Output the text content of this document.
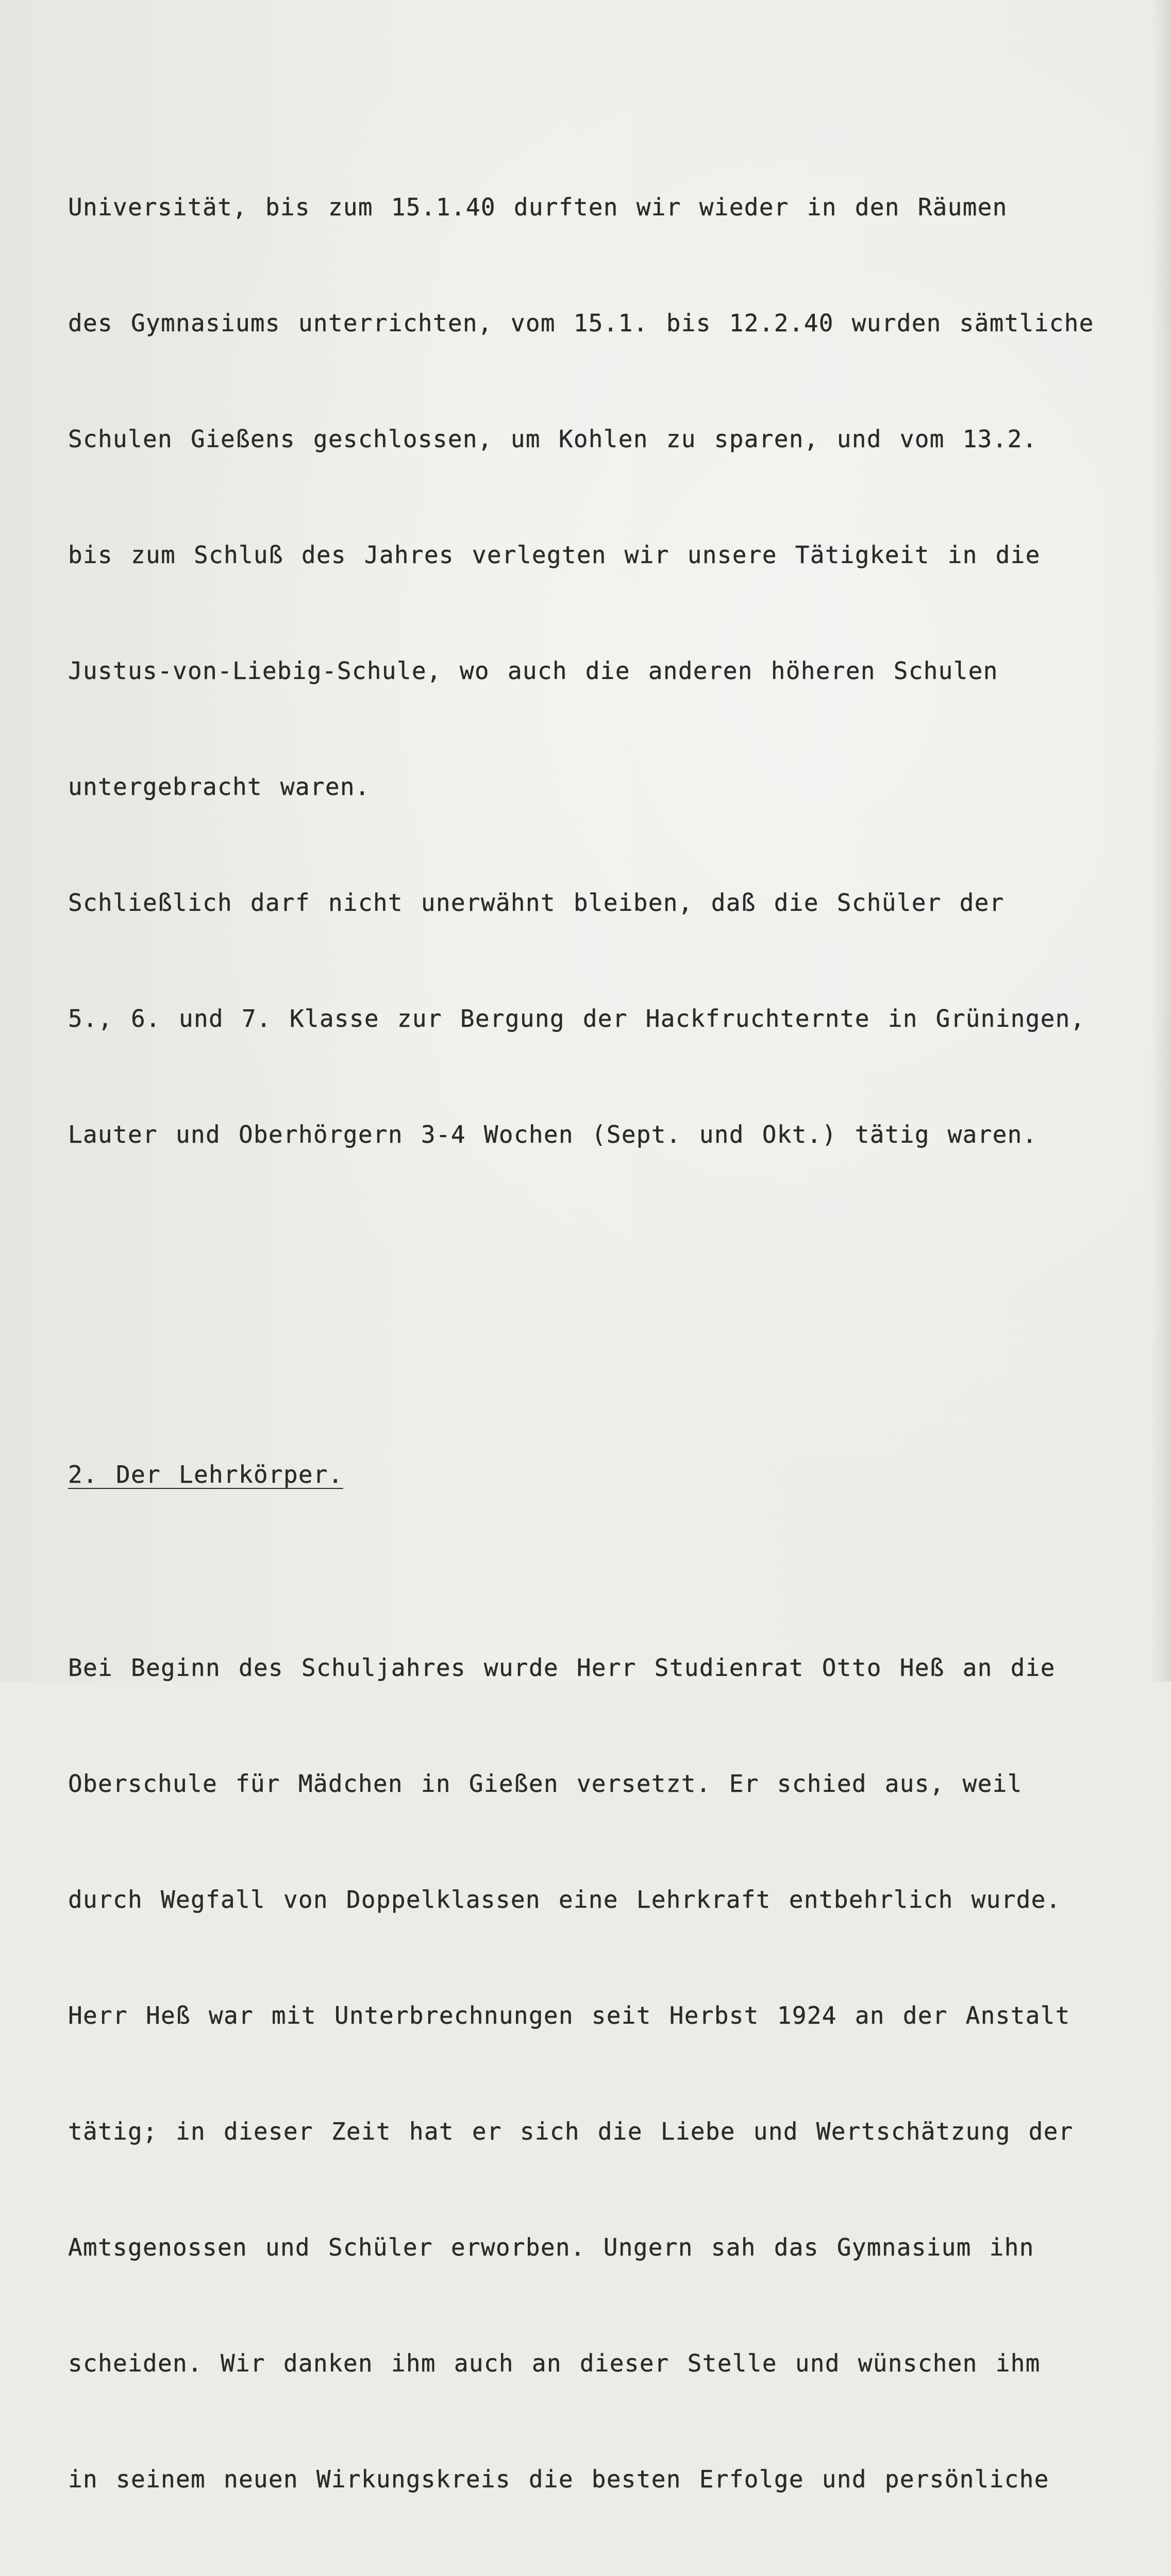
Universität, bis zum 15.1.40 durften wir wieder in den Räumen

des Gymnasiums unterrichten, vom 15.1. bis 12.2.40 wurden sämtliche

Schulen Gießens geschlossen, um Kohlen zu sparen, und vom 13.2.

bis zum Schluß des Jahres verlegten wir unsere Tätigkeit in die

Justus-von-Liebig-Schule, wo auch die anderen höheren Schulen

untergebracht waren.

Schließlich darf nicht unerwähnt bleiben, daß die Schüler der

5., 6. und 7. Klasse zur Bergung der Hackfruchternte in Grüningen,

Lauter und Oberhörgern 3-4 Wochen (Sept. und Okt.) tätig waren.

2. Der Lehrkörper.

Bei Beginn des Schuljahres wurde Herr Studienrat Otto Heß an die

Oberschule für Mädchen in Gießen versetzt. Er schied aus, weil

durch Wegfall von Doppelklassen eine Lehrkraft entbehrlich wurde.

Herr Heß war mit Unterbrechnungen seit Herbst 1924 an der Anstalt

tätig; in dieser Zeit hat er sich die Liebe und Wertschätzung der

Amtsgenossen und Schüler erworben. Ungern sah das Gymnasium ihn

scheiden. Wir danken ihm auch an dieser Stelle und wünschen ihm

in seinem neuen Wirkungskreis die besten Erfolge und persönliche
